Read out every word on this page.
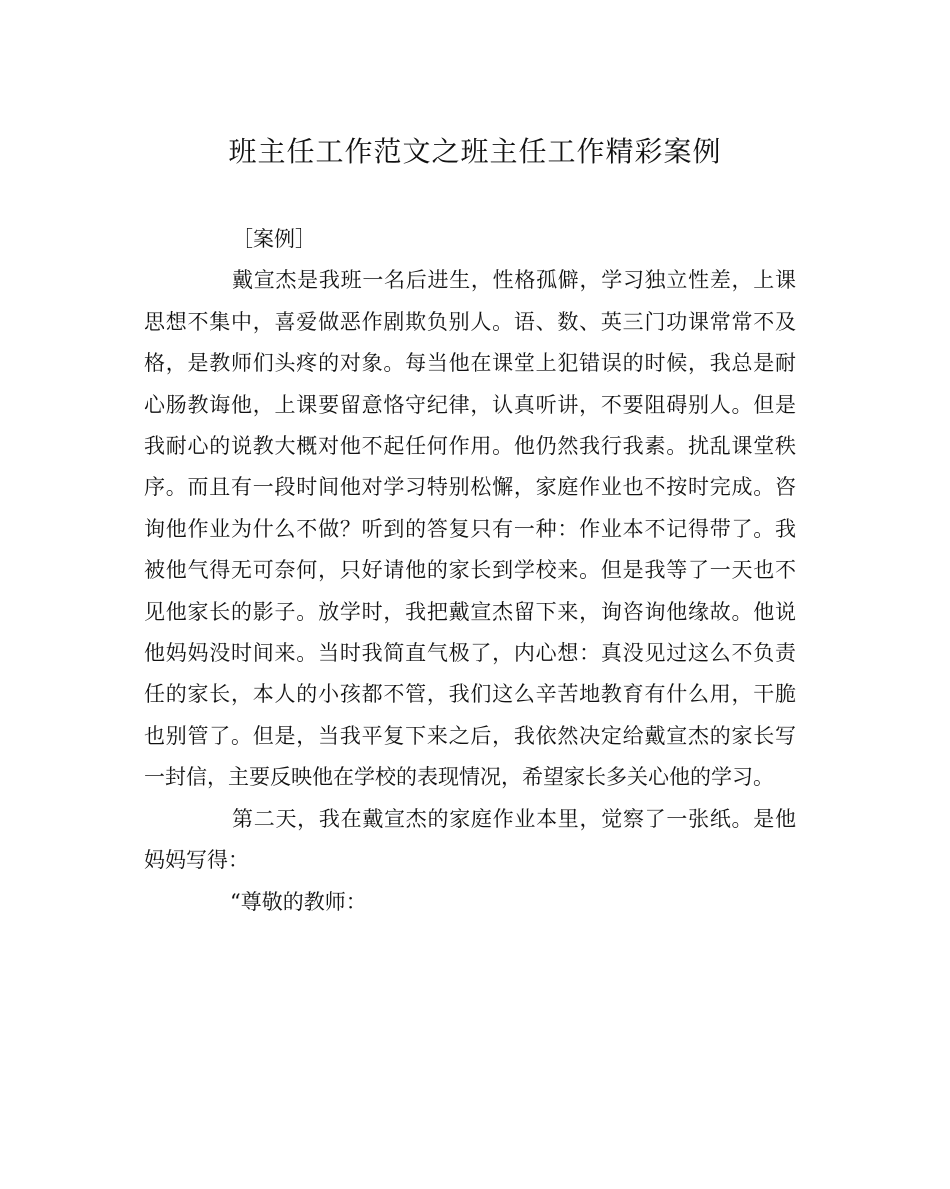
班主任工作范文之班主任工作精彩案例

［案例］

戴宣杰是我班一名后进生，性格孤僻，学习独立性差，上课
思想不集中，喜爱做恶作剧欺负别人。语、数、英三门功课常常不及
格，是教师们头疼的对象。每当他在课堂上犯错误的时候，我总是耐
心肠教诲他，上课要留意恪守纪律，认真听讲，不要阻碍别人。但是
我耐心的说教大概对他不起任何作用。他仍然我行我素。扰乱课堂秩
序。而且有一段时间他对学习特别松懈，家庭作业也不按时完成。咨
询他作业为什么不做？听到的答复只有一种：作业本不记得带了。我
被他气得无可奈何，只好请他的家长到学校来。但是我等了一天也不
见他家长的影子。放学时，我把戴宣杰留下来，询咨询他缘故。他说
他妈妈没时间来。当时我简直气极了，内心想：真没见过这么不负责
任的家长，本人的小孩都不管，我们这么辛苦地教育有什么用，干脆
也别管了。但是，当我平复下来之后，我依然决定给戴宣杰的家长写
一封信，主要反映他在学校的表现情况，希望家长多关心他的学习。

第二天，我在戴宣杰的家庭作业本里，觉察了一张纸。是他
妈妈写得：

“尊敬的教师：
